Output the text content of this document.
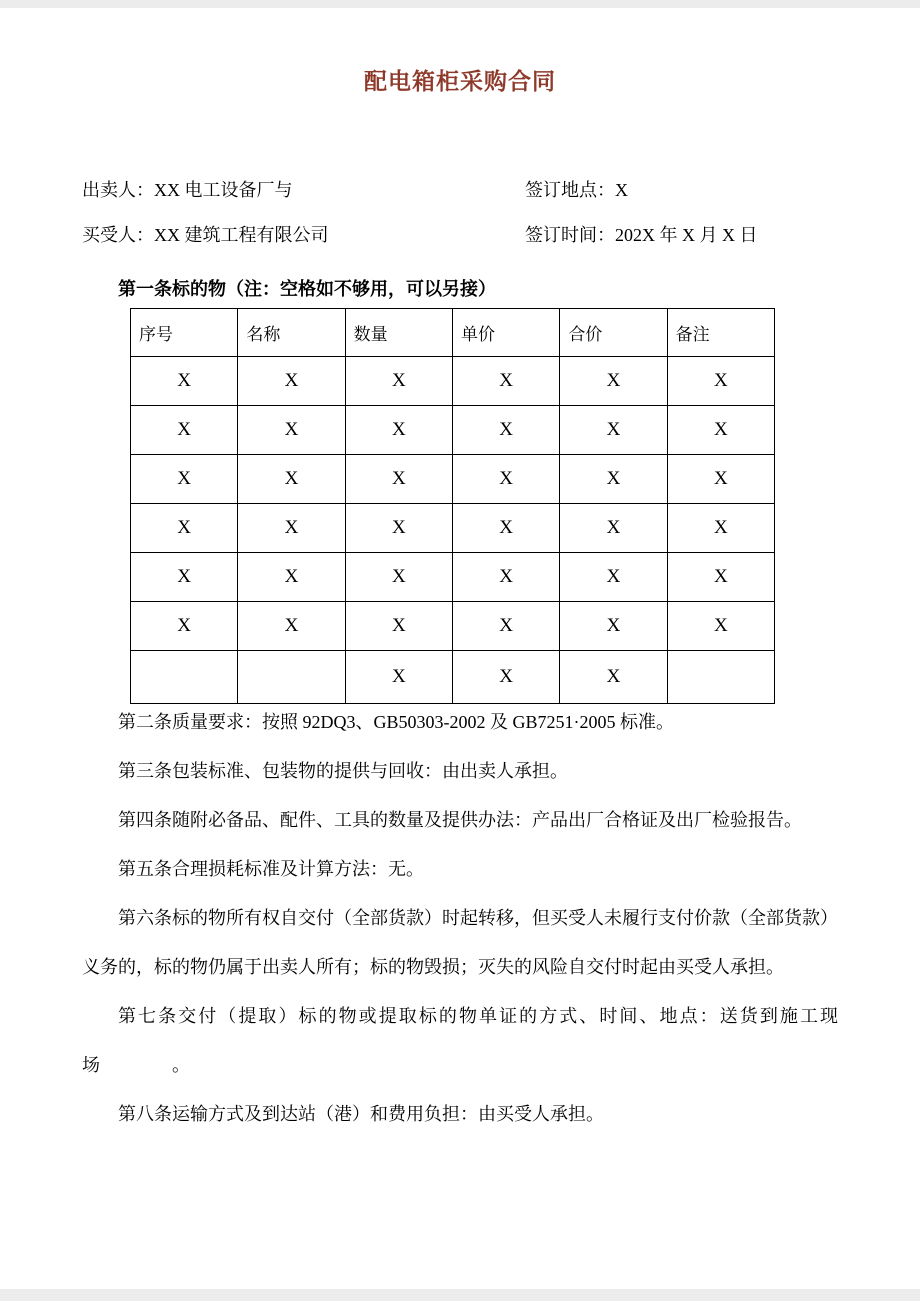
配电箱柜采购合同
出卖人：XX 电工设备厂与	签订地点：X
买受人：XX 建筑工程有限公司	签订时间：202X 年 X 月 X 日

第一条标的物（注：空格如不够用，可以另接）

序号	名称	数量	单价	合价	备注
X	X	X	X	X	X
X	X	X	X	X	X
X	X	X	X	X	X
X	X	X	X	X	X
X	X	X	X	X	X
X	X	X	X	X	X
		X	X	X	

第二条质量要求：按照 92DQ3、GB50303-2002 及 GB7251·2005 标准。

第三条包装标准、包装物的提供与回收：由出卖人承担。

第四条随附必备品、配件、工具的数量及提供办法：产品出厂合格证及出厂检验报告。

第五条合理损耗标准及计算方法：无。

第六条标的物所有权自交付（全部货款）时起转移，但买受人未履行支付价款（全部货款）义务的，标的物仍属于出卖人所有；标的物毁损；灭失的风险自交付时起由买受人承担。

第七条交付（提取）标的物或提取标的物单证的方式、时间、地点：送货到施工现场　　　　。

第八条运输方式及到达站（港）和费用负担：由买受人承担。
